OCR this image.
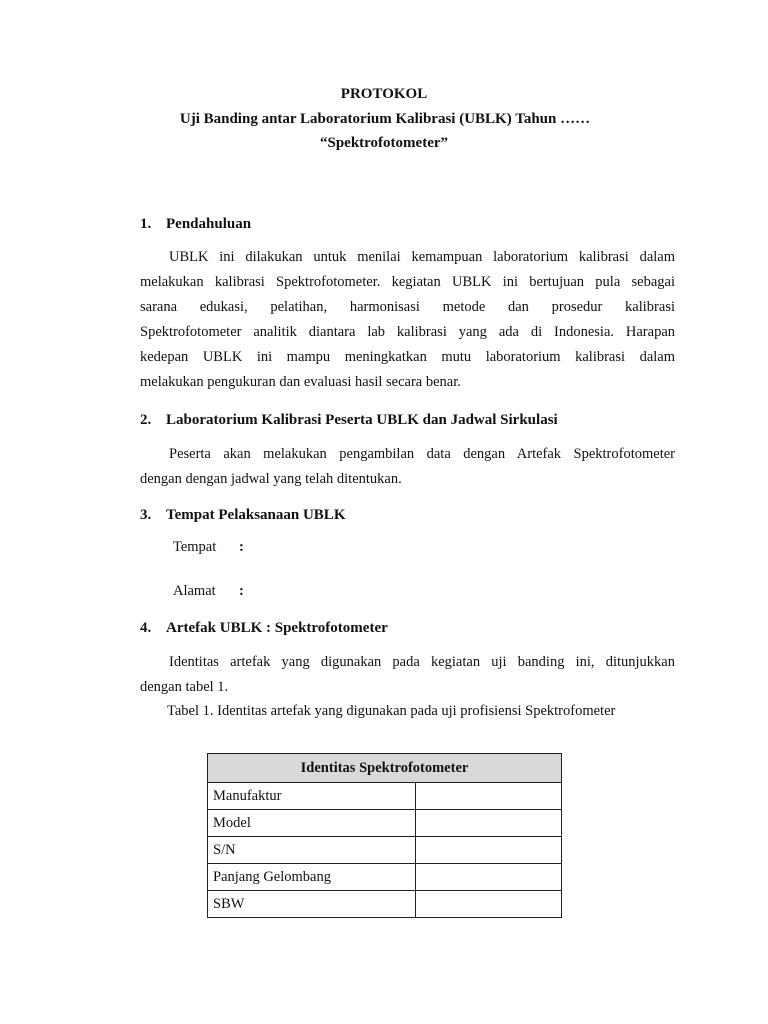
PROTOKOL
Uji Banding antar Laboratorium Kalibrasi (UBLK) Tahun ……
“Spektrofotometer”
1. Pendahuluan
UBLK ini dilakukan untuk menilai kemampuan laboratorium kalibrasi dalam
melakukan kalibrasi Spektrofotometer. kegiatan UBLK ini bertujuan pula sebagai
sarana edukasi, pelatihan, harmonisasi metode dan prosedur kalibrasi
Spektrofotometer analitik diantara lab kalibrasi yang ada di Indonesia. Harapan
kedepan UBLK ini mampu meningkatkan mutu laboratorium kalibrasi dalam
melakukan pengukuran dan evaluasi hasil secara benar.
2. Laboratorium Kalibrasi Peserta UBLK dan Jadwal Sirkulasi
Peserta akan melakukan pengambilan data dengan Artefak Spektrofotometer
dengan dengan jadwal yang telah ditentukan.
3. Tempat Pelaksanaan UBLK
Tempat :
Alamat :
4. Artefak UBLK : Spektrofotometer
Identitas artefak yang digunakan pada kegiatan uji banding ini, ditunjukkan
dengan tabel 1.
Tabel 1. Identitas artefak yang digunakan pada uji profisiensi Spektrofometer
Identitas Spektrofotometer	
Manufaktur	
Model	
S/N	
Panjang Gelombang	
SBW	
